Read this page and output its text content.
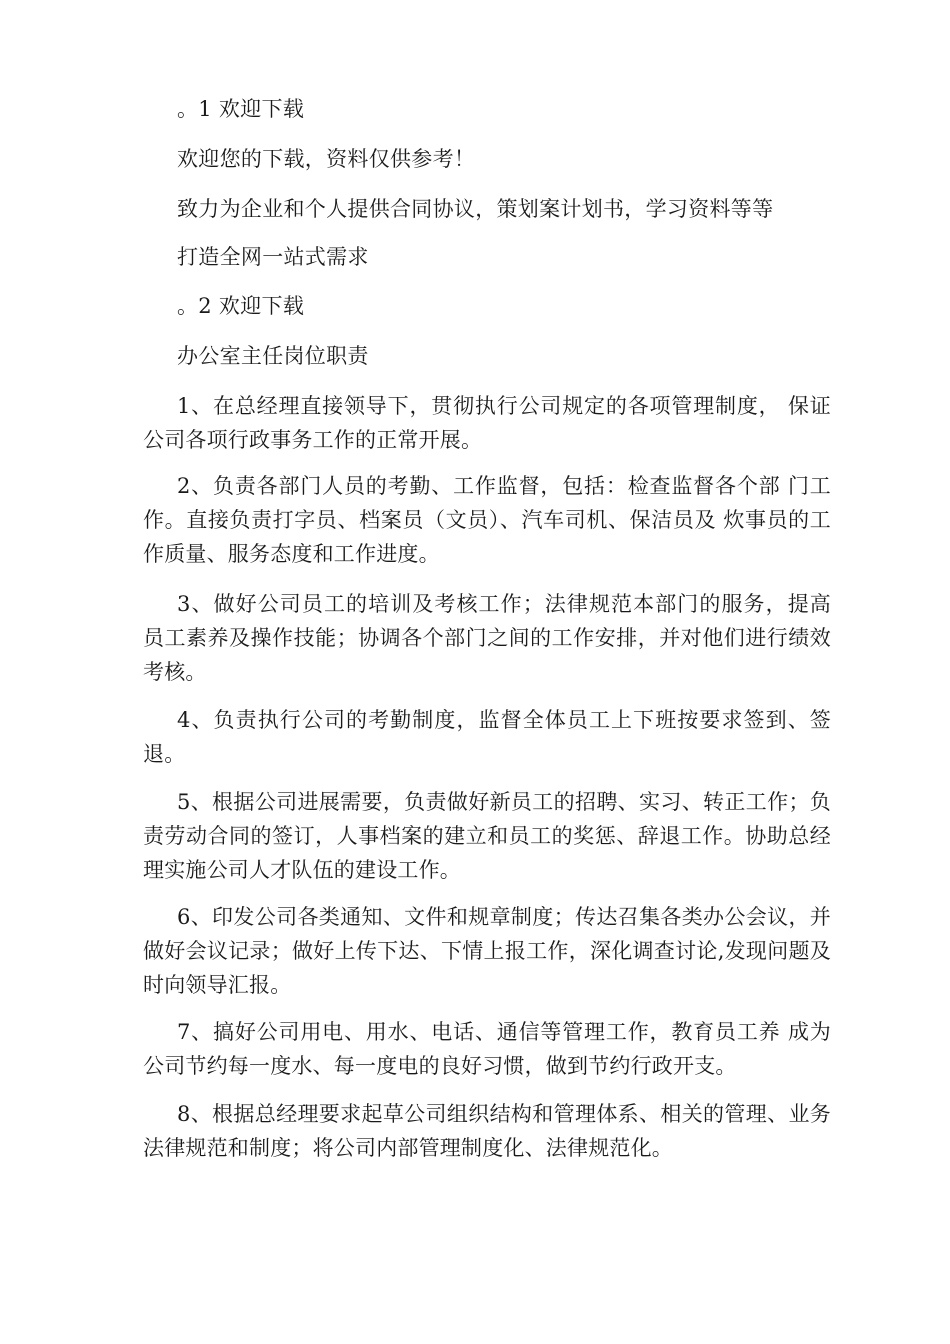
。1 欢迎下载
欢迎您的下载，资料仅供参考！
致力为企业和个人提供合同协议，策划案计划书，学习资料等等
打造全网一站式需求
。2 欢迎下载
办公室主任岗位职责
1、在总经理直接领导下，贯彻执行公司规定的各项管理制度， 保证公司各项行政事务工作的正常开展。
2、负责各部门人员的考勤、工作监督，包括：检查监督各个部 门工作。直接负责打字员、档案员（文员）、汽车司机、保洁员及 炊事员的工作质量、服务态度和工作进度。
3、做好公司员工的培训及考核工作；法律规范本部门的服务，提高 员工素养及操作技能；协调各个部门之间的工作安排，并对他们进行绩效考核。
4、负责执行公司的考勤制度，监督全体员工上下班按要求签到、签退。
5、根据公司进展需要，负责做好新员工的招聘、实习、转正工作；负责劳动合同的签订，人事档案的建立和员工的奖惩、辞退工作。协助总经理实施公司人才队伍的建设工作。
6、印发公司各类通知、文件和规章制度；传达召集各类办公会议，并做好会议记录；做好上传下达、下情上报工作，深化调查讨论,发现问题及时向领导汇报。
7、搞好公司用电、用水、电话、通信等管理工作，教育员工养 成为公司节约每一度水、每一度电的良好习惯，做到节约行政开支。
8、根据总经理要求起草公司组织结构和管理体系、相关的管理、业务法律规范和制度；将公司内部管理制度化、法律规范化。
